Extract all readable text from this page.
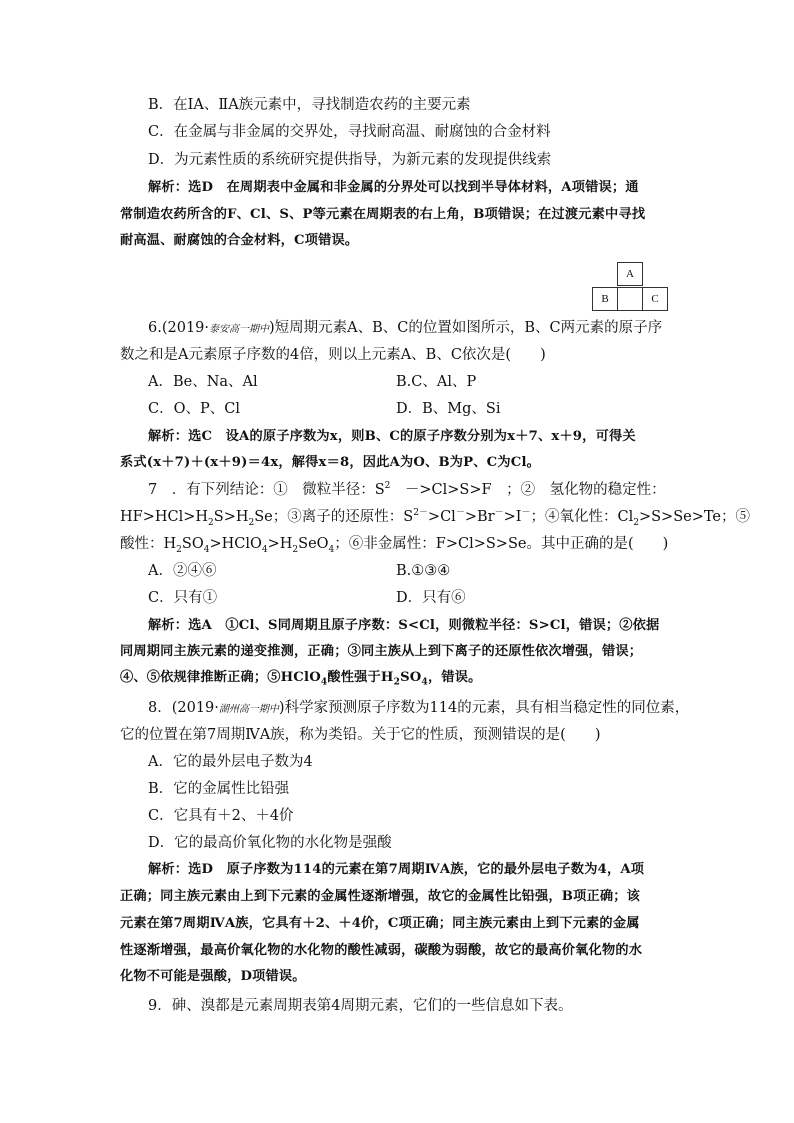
B．在ⅠA、ⅡA族元素中，寻找制造农药的主要元素
C．在金属与非金属的交界处，寻找耐高温、耐腐蚀的合金材料
D．为元素性质的系统研究提供指导，为新元素的发现提供线索
解析：选D　在周期表中金属和非金属的分界处可以找到半导体材料，A项错误；通
常制造农药所含的F、Cl、S、P等元素在周期表的右上角，B项错误；在过渡元素中寻找
耐高温、耐腐蚀的合金材料，C项错误。
A
B	C
6.(2019·泰安高一期中)短周期元素A、B、C的位置如图所示，B、C两元素的原子序
数之和是A元素原子序数的4倍，则以上元素A、B、C依次是(　　)
A．Be、Na、Al	B.C、Al、P
C．O、P、Cl	D．B、Mg、Si
解析：选C　设A的原子序数为x，则B、C的原子序数分别为x＋7、x＋9，可得关
系式(x＋7)＋(x＋9)＝4x，解得x＝8，因此A为O、B为P、C为Cl。
7　．有下列结论：①　微粒半径：$S^2$　－>Cl>S>F　；②　氢化物的稳定性：
$HF>HCl>H_2S>H_2Se$；③离子的还原性：$S^{2-}>Cl^->Br^->I^-$；④氧化性：$Cl_2>S>Se>Te$；⑤
酸性：$H_2SO_4>HClO_4>H_2SeO_4$；⑥非金属性：F>Cl>S>Se。其中正确的是(　　)
A．②④⑥	B.①③④
C．只有①	D．只有⑥
解析：选A　①Cl、S同周期且原子序数：S<Cl，则微粒半径：S>Cl，错误；②依据
同周期同主族元素的递变推测，正确；③同主族从上到下离子的还原性依次增强，错误；
④、⑤依规律推断正确；⑤HClO$_4$酸性强于$H_2SO_4$，错误。
8．(2019·湖州高一期中)科学家预测原子序数为114的元素，具有相当稳定性的同位素，
它的位置在第7周期ⅣA族，称为类铅。关于它的性质，预测错误的是(　　)
A．它的最外层电子数为4
B．它的金属性比铅强
C．它具有＋2、＋4价
D．它的最高价氧化物的水化物是强酸
解析：选D　原子序数为114的元素在第7周期ⅣA族，它的最外层电子数为4，A项
正确；同主族元素由上到下元素的金属性逐渐增强，故它的金属性比铅强，B项正确；该
元素在第7周期ⅣA族，它具有＋2、＋4价，C项正确；同主族元素由上到下元素的金属
性逐渐增强，最高价氧化物的水化物的酸性减弱，碳酸为弱酸，故它的最高价氧化物的水
化物不可能是强酸，D项错误。
9．砷、溴都是元素周期表第4周期元素，它们的一些信息如下表。
